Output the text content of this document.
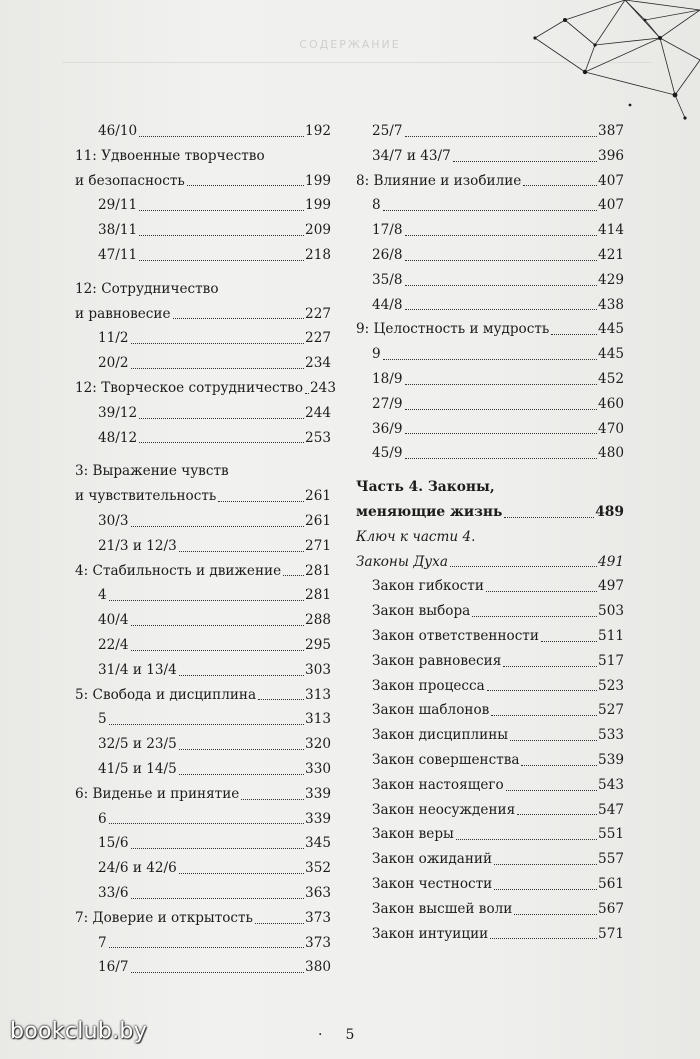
СОДЕРЖАНИЕ
46/10	192
11: Удвоенные творчество
и безопасность	199
29/11	199
38/11	209
47/11	218
12: Сотрудничество
и равновесие	227
11/2	227
20/2	234
12: Творческое сотрудничество 243
39/12	244
48/12	253
3: Выражение чувств
и чувствительность	261
30/3	261
21/3 и 12/3	271
4: Стабильность и движение 281
4	281
40/4	288
22/4	295
31/4 и 13/4	303
5: Свобода и дисциплина	313
5	313
32/5 и 23/5	320
41/5 и 14/5	330
6: Виденье и принятие	339
6	339
15/6	345
24/6 и 42/6	352
33/6	363
7: Доверие и открытость	373
7	373
16/7	380
25/7	387
34/7 и 43/7	396
8: Влияние и изобилие	407
8	407
17/8	414
26/8	421
35/8	429
44/8	438
9: Целостность и мудрость	445
9	445
18/9	452
27/9	460
36/9	470
45/9	480
Часть 4. Законы,
меняющие жизнь	489
Ключ к части 4.
Законы Духа	491
Закон гибкости	497
Закон выбора	503
Закон ответственности	511
Закон равновесия	517
Закон процесса	523
Закон шаблонов	527
Закон дисциплины	533
Закон совершенства	539
Закон настоящего	543
Закон неосуждения	547
Закон веры	551
Закон ожиданий	557
Закон честности	561
Закон высшей воли	567
Закон интуиции	571
. 5
bookclub.by
